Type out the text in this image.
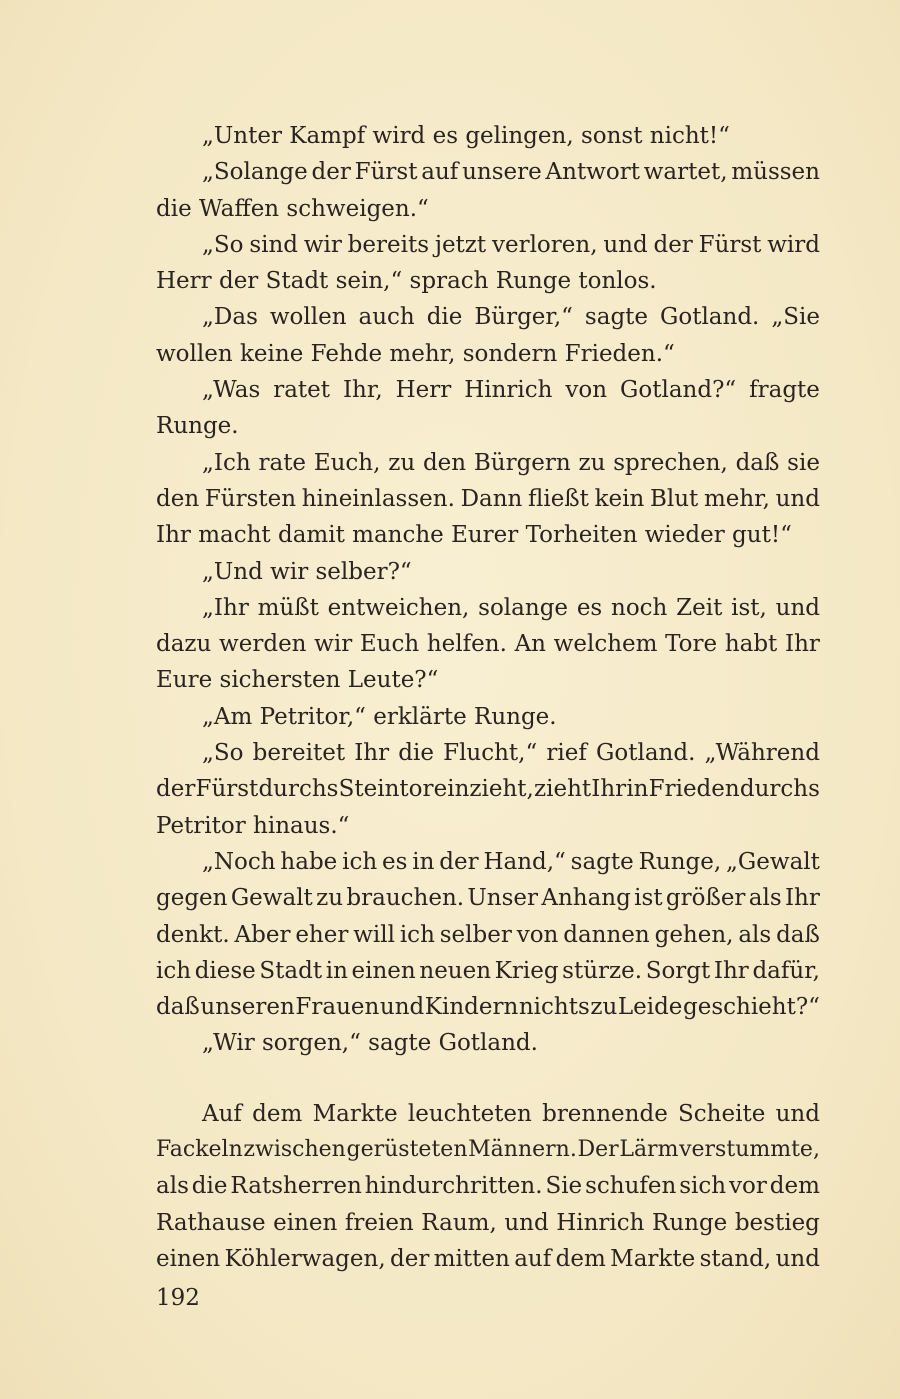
„Unter Kampf wird es gelingen, sonst nicht!“
„Solange der Fürst auf unsere Antwort wartet, müssen
die Waffen schweigen.“
„So sind wir bereits jetzt verloren, und der Fürst wird
Herr der Stadt sein,“ sprach Runge tonlos.
„Das wollen auch die Bürger,“ sagte Gotland. „Sie
wollen keine Fehde mehr, sondern Frieden.“
„Was ratet Ihr, Herr Hinrich von Gotland?“ fragte
Runge.
„Ich rate Euch, zu den Bürgern zu sprechen, daß sie
den Fürsten hineinlassen. Dann fließt kein Blut mehr, und
Ihr macht damit manche Eurer Torheiten wieder gut!“
„Und wir selber?“
„Ihr müßt entweichen, solange es noch Zeit ist, und
dazu werden wir Euch helfen. An welchem Tore habt Ihr
Eure sichersten Leute?“
„Am Petritor,“ erklärte Runge.
„So bereitet Ihr die Flucht,“ rief Gotland. „Während
der Fürst durchs Steintor einzieht, zieht Ihr in Frieden durchs
Petritor hinaus.“
„Noch habe ich es in der Hand,“ sagte Runge, „Gewalt
gegen Gewalt zu brauchen. Unser Anhang ist größer als Ihr
denkt. Aber eher will ich selber von dannen gehen, als daß
ich diese Stadt in einen neuen Krieg stürze. Sorgt Ihr dafür,
daß unseren Frauen und Kindern nichts zu Leide geschieht?“
„Wir sorgen,“ sagte Gotland.
Auf dem Markte leuchteten brennende Scheite und
Fackeln zwischen gerüsteten Männern. Der Lärm verstummte,
als die Ratsherren hindurchritten. Sie schufen sich vor dem
Rathause einen freien Raum, und Hinrich Runge bestieg
einen Köhlerwagen, der mitten auf dem Markte stand, und
192
